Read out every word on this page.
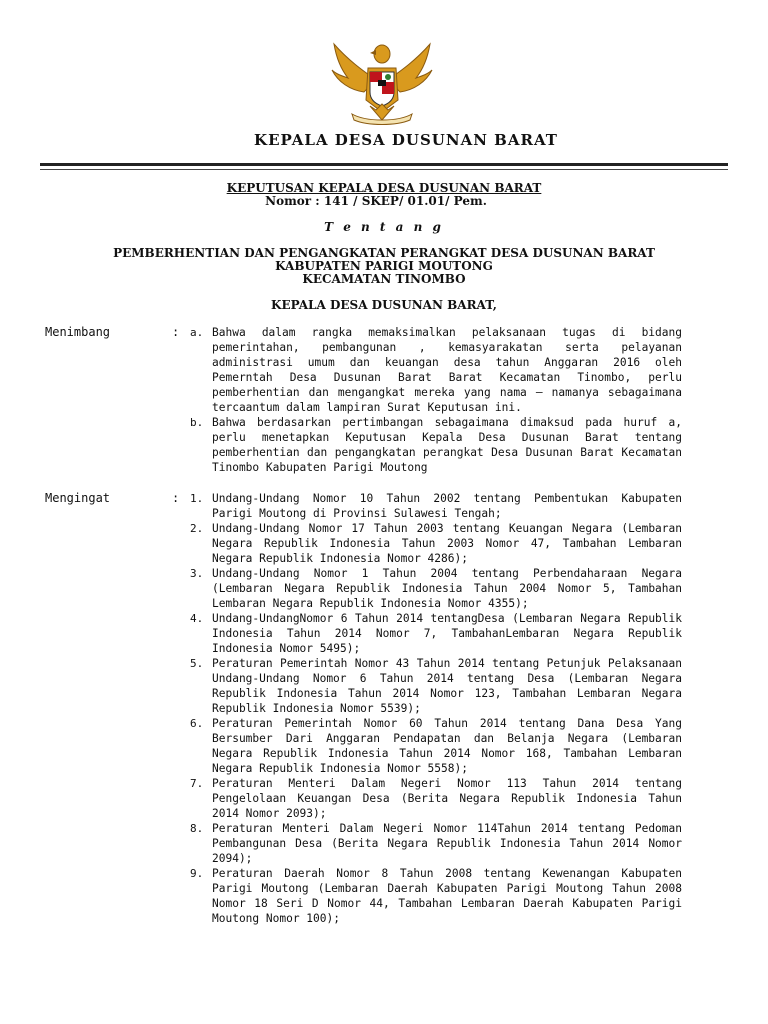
KEPALA DESA DUSUNAN BARAT
KEPUTUSAN KEPALA DESA DUSUNAN BARAT
Nomor : 141 / SKEP/ 01.01/ Pem.
T e n t a n g
PEMBERHENTIAN DAN PENGANGKATAN PERANGKAT DESA DUSUNAN BARAT
KABUPATEN PARIGI MOUTONG
KECAMATAN TINOMBO
KEPALA DESA DUSUNAN BARAT,
Menimbang	: a. Bahwa dalam rangka memaksimalkan pelaksanaan tugas di bidang pemerintahan, pembangunan , kemasyarakatan serta pelayanan administrasi umum dan keuangan desa tahun Anggaran 2016 oleh Pemerntah Desa Dusunan Barat Barat Kecamatan Tinombo, perlu pemberhentian dan mengangkat mereka yang nama – namanya sebagaimana tercaantum dalam lampiran Surat Keputusan ini.
b. Bahwa berdasarkan pertimbangan sebagaimana dimaksud pada huruf a, perlu menetapkan Keputusan Kepala Desa Dusunan Barat tentang pemberhentian dan pengangkatan perangkat Desa Dusunan Barat Kecamatan Tinombo Kabupaten Parigi Moutong
Mengingat	: 1. Undang-Undang Nomor 10 Tahun 2002 tentang Pembentukan Kabupaten Parigi Moutong di Provinsi Sulawesi Tengah;
2. Undang-Undang Nomor 17 Tahun 2003 tentang Keuangan Negara (Lembaran Negara Republik Indonesia Tahun 2003 Nomor 47, Tambahan Lembaran Negara Republik Indonesia Nomor 4286);
3. Undang-Undang Nomor 1 Tahun 2004 tentang Perbendaharaan Negara (Lembaran Negara Republik Indonesia Tahun 2004 Nomor 5, Tambahan Lembaran Negara Republik Indonesia Nomor 4355);
4. Undang-UndangNomor 6 Tahun 2014 tentangDesa (Lembaran Negara Republik Indonesia Tahun 2014 Nomor 7, TambahanLembaran Negara Republik Indonesia Nomor 5495);
5. Peraturan Pemerintah Nomor 43 Tahun 2014 tentang Petunjuk Pelaksanaan Undang-Undang Nomor 6 Tahun 2014 tentang Desa (Lembaran Negara Republik Indonesia Tahun 2014 Nomor 123, Tambahan Lembaran Negara Republik Indonesia Nomor 5539);
6. Peraturan Pemerintah Nomor 60 Tahun 2014 tentang Dana Desa Yang Bersumber Dari Anggaran Pendapatan dan Belanja Negara (Lembaran Negara Republik Indonesia Tahun 2014 Nomor 168, Tambahan Lembaran Negara Republik Indonesia Nomor 5558);
7. Peraturan Menteri Dalam Negeri Nomor 113 Tahun 2014 tentang Pengelolaan Keuangan Desa (Berita Negara Republik Indonesia Tahun 2014 Nomor 2093);
8. Peraturan Menteri Dalam Negeri Nomor 114Tahun 2014 tentang Pedoman Pembangunan Desa (Berita Negara Republik Indonesia Tahun 2014 Nomor 2094);
9. Peraturan Daerah Nomor 8 Tahun 2008 tentang Kewenangan Kabupaten Parigi Moutong (Lembaran Daerah Kabupaten Parigi Moutong Tahun 2008 Nomor 18 Seri D Nomor 44, Tambahan Lembaran Daerah Kabupaten Parigi Moutong Nomor 100);
